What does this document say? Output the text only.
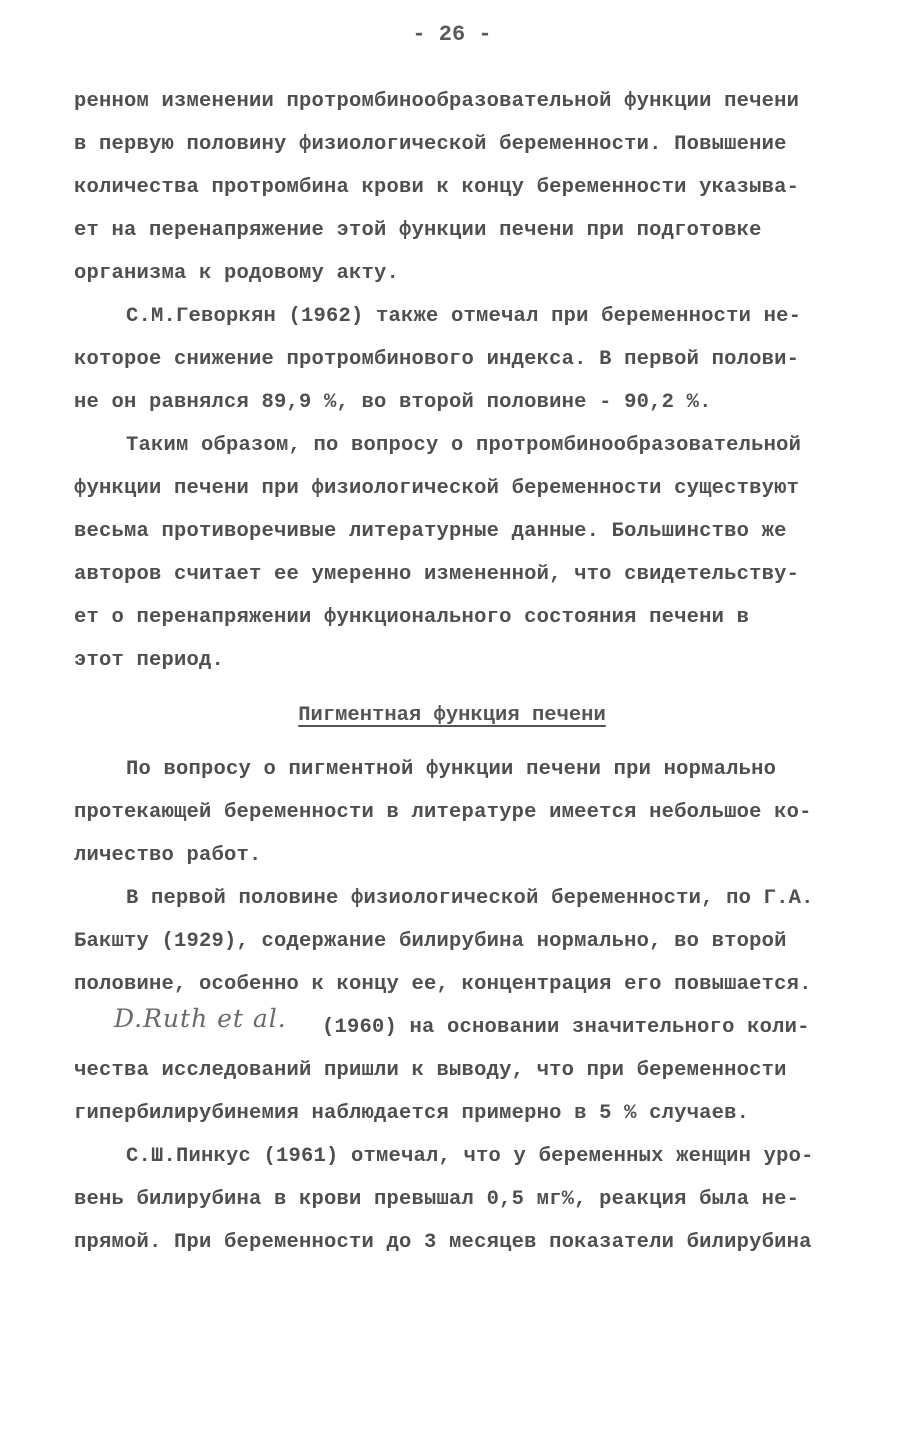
- 26 -
ренном изменении протромбинообразовательной функции печени
в первую половину физиологической беременности. Повышение
количества протромбина крови к концу беременности указыва-
ет на перенапряжение этой функции печени при подготовке
организма к родовому акту.
С.М.Геворкян (1962) также отмечал при беременности не-
которое снижение протромбинового индекса. В первой полови-
не он равнялся 89,9 %, во второй половине - 90,2 %.
Таким образом, по вопросу о протромбинообразовательной
функции печени при физиологической беременности существуют
весьма противоречивые литературные данные. Большинство же
авторов считает ее умеренно измененной, что свидетельству-
ет о перенапряжении функционального состояния печени в
этот период.
Пигментная функция печени
По вопросу о пигментной функции печени при нормально
протекающей беременности в литературе имеется небольшое ко-
личество работ.
В первой половине физиологической беременности, по Г.А.
Бакшту (1929), содержание билирубина нормально, во второй
половине, особенно к концу ее, концентрация его повышается.
D.Ruth et al. (1960) на основании значительного коли-
чества исследований пришли к выводу, что при беременности
гипербилирубинемия наблюдается примерно в 5 % случаев.
С.Ш.Пинкус (1961) отмечал, что у беременных женщин уро-
вень билирубина в крови превышал 0,5 мг%, реакция была не-
прямой. При беременности до 3 месяцев показатели билирубина
